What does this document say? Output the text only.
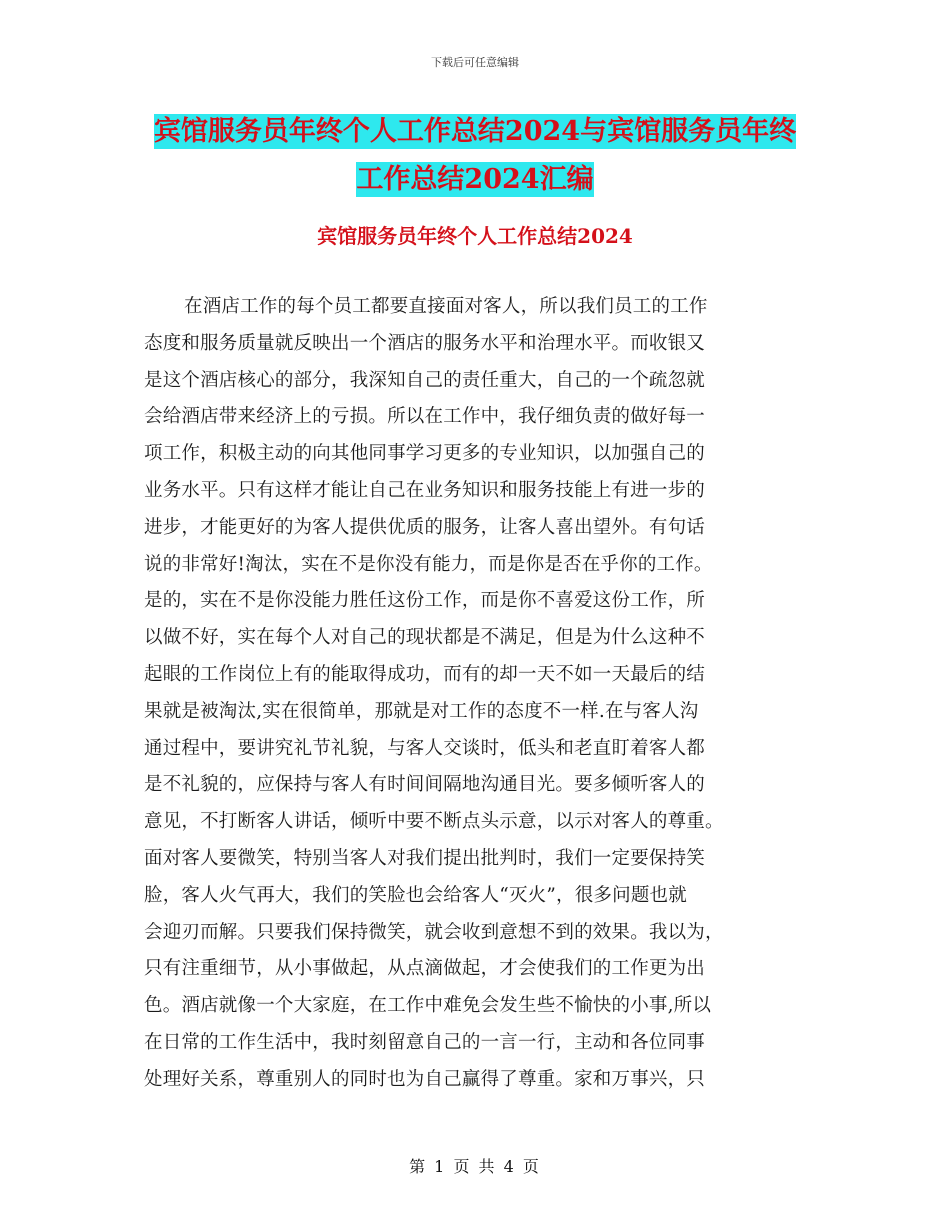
下载后可任意编辑
宾馆服务员年终个人工作总结2024与宾馆服务员年终
工作总结2024汇编
宾馆服务员年终个人工作总结2024
在酒店工作的每个员工都要直接面对客人，所以我们员工的工作
态度和服务质量就反映出一个酒店的服务水平和治理水平。而收银又
是这个酒店核心的部分，我深知自己的责任重大，自己的一个疏忽就
会给酒店带来经济上的亏损。所以在工作中，我仔细负责的做好每一
项工作，积极主动的向其他同事学习更多的专业知识，以加强自己的
业务水平。只有这样才能让自己在业务知识和服务技能上有进一步的
进步，才能更好的为客人提供优质的服务，让客人喜出望外。有句话
说的非常好!淘汰，实在不是你没有能力，而是你是否在乎你的工作。
是的，实在不是你没能力胜任这份工作，而是你不喜爱这份工作，所
以做不好，实在每个人对自己的现状都是不满足，但是为什么这种不
起眼的工作岗位上有的能取得成功，而有的却一天不如一天最后的结
果就是被淘汰,实在很简单，那就是对工作的态度不一样.在与客人沟
通过程中，要讲究礼节礼貌，与客人交谈时，低头和老直盯着客人都
是不礼貌的，应保持与客人有时间间隔地沟通目光。要多倾听客人的
意见，不打断客人讲话，倾听中要不断点头示意，以示对客人的尊重。
面对客人要微笑，特别当客人对我们提出批判时，我们一定要保持笑
脸，客人火气再大，我们的笑脸也会给客人“灭火”，很多问题也就
会迎刃而解。只要我们保持微笑，就会收到意想不到的效果。我以为，
只有注重细节，从小事做起，从点滴做起，才会使我们的工作更为出
色。酒店就像一个大家庭，在工作中难免会发生些不愉快的小事,所以
在日常的工作生活中，我时刻留意自己的一言一行，主动和各位同事
处理好关系，尊重别人的同时也为自己赢得了尊重。家和万事兴，只
第 1 页 共 4 页
